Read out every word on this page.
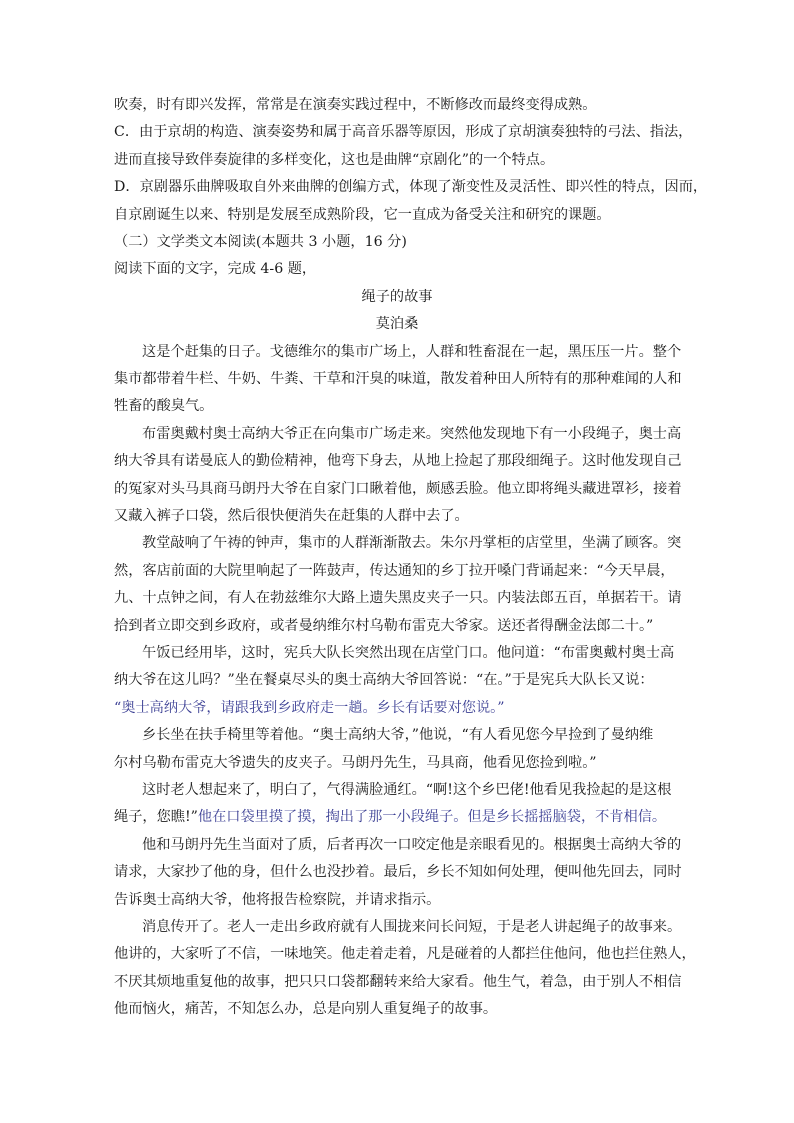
吹奏，时有即兴发挥，常常是在演奏实践过程中，不断修改而最终变得成熟。
C．由于京胡的构造、演奏姿势和属于高音乐器等原因，形成了京胡演奏独特的弓法、指法，
进而直接导致伴奏旋律的多样变化，这也是曲牌“京剧化”的一个特点。
D．京剧器乐曲牌吸取自外来曲牌的创编方式，体现了渐变性及灵活性、即兴性的特点，因而，
自京剧诞生以来、特别是发展至成熟阶段，它一直成为备受关注和研究的课题。
（二）文学类文本阅读(本题共 3 小题，16 分)
阅读下面的文字，完成 4-6 题，
绳子的故事
莫泊桑
这是个赶集的日子。戈德维尔的集市广场上，人群和牲畜混在一起，黑压压一片。整个
集市都带着牛栏、牛奶、牛粪、干草和汗臭的味道，散发着种田人所特有的那种难闻的人和
牲畜的酸臭气。
布雷奥戴村奥士高纳大爷正在向集市广场走来。突然他发现地下有一小段绳子，奥士高
纳大爷具有诺曼底人的勤俭精神，他弯下身去，从地上捡起了那段细绳子。这时他发现自己
的冤家对头马具商马朗丹大爷在自家门口瞅着他，颇感丢脸。他立即将绳头藏进罩衫，接着
又藏入裤子口袋，然后很快便消失在赶集的人群中去了。
教堂敲响了午祷的钟声，集市的人群渐渐散去。朱尔丹掌柜的店堂里，坐满了顾客。突
然，客店前面的大院里响起了一阵鼓声，传达通知的乡丁拉开嗓门背诵起来：“今天早晨，
九、十点钟之间，有人在勃兹维尔大路上遗失黑皮夹子一只。内装法郎五百，单据若干。请
拾到者立即交到乡政府，或者曼纳维尔村乌勒布雷克大爷家。送还者得酬金法郎二十。”
午饭已经用毕，这时，宪兵大队长突然出现在店堂门口。他问道：“布雷奥戴村奥士高
纳大爷在这儿吗？”坐在餐桌尽头的奥士高纳大爷回答说：“在。”于是宪兵大队长又说：
“奥士高纳大爷，请跟我到乡政府走一趟。乡长有话要对您说。”
乡长坐在扶手椅里等着他。“奥士高纳大爷，”他说，“有人看见您今早捡到了曼纳维
尔村乌勒布雷克大爷遗失的皮夹子。马朗丹先生，马具商，他看见您捡到啦。”
这时老人想起来了，明白了，气得满脸通红。“啊!这个乡巴佬!他看见我捡起的是这根
绳子，您瞧!”他在口袋里摸了摸，掏出了那一小段绳子。但是乡长摇摇脑袋，不肯相信。
他和马朗丹先生当面对了质，后者再次一口咬定他是亲眼看见的。根据奥士高纳大爷的
请求，大家抄了他的身，但什么也没抄着。最后，乡长不知如何处理，便叫他先回去，同时
告诉奥士高纳大爷，他将报告检察院，并请求指示。
消息传开了。老人一走出乡政府就有人围拢来问长问短，于是老人讲起绳子的故事来。
他讲的，大家听了不信，一味地笑。他走着走着，凡是碰着的人都拦住他问，他也拦住熟人，
不厌其烦地重复他的故事，把只只口袋都翻转来给大家看。他生气，着急，由于别人不相信
他而恼火，痛苦，不知怎么办，总是向别人重复绳子的故事。
